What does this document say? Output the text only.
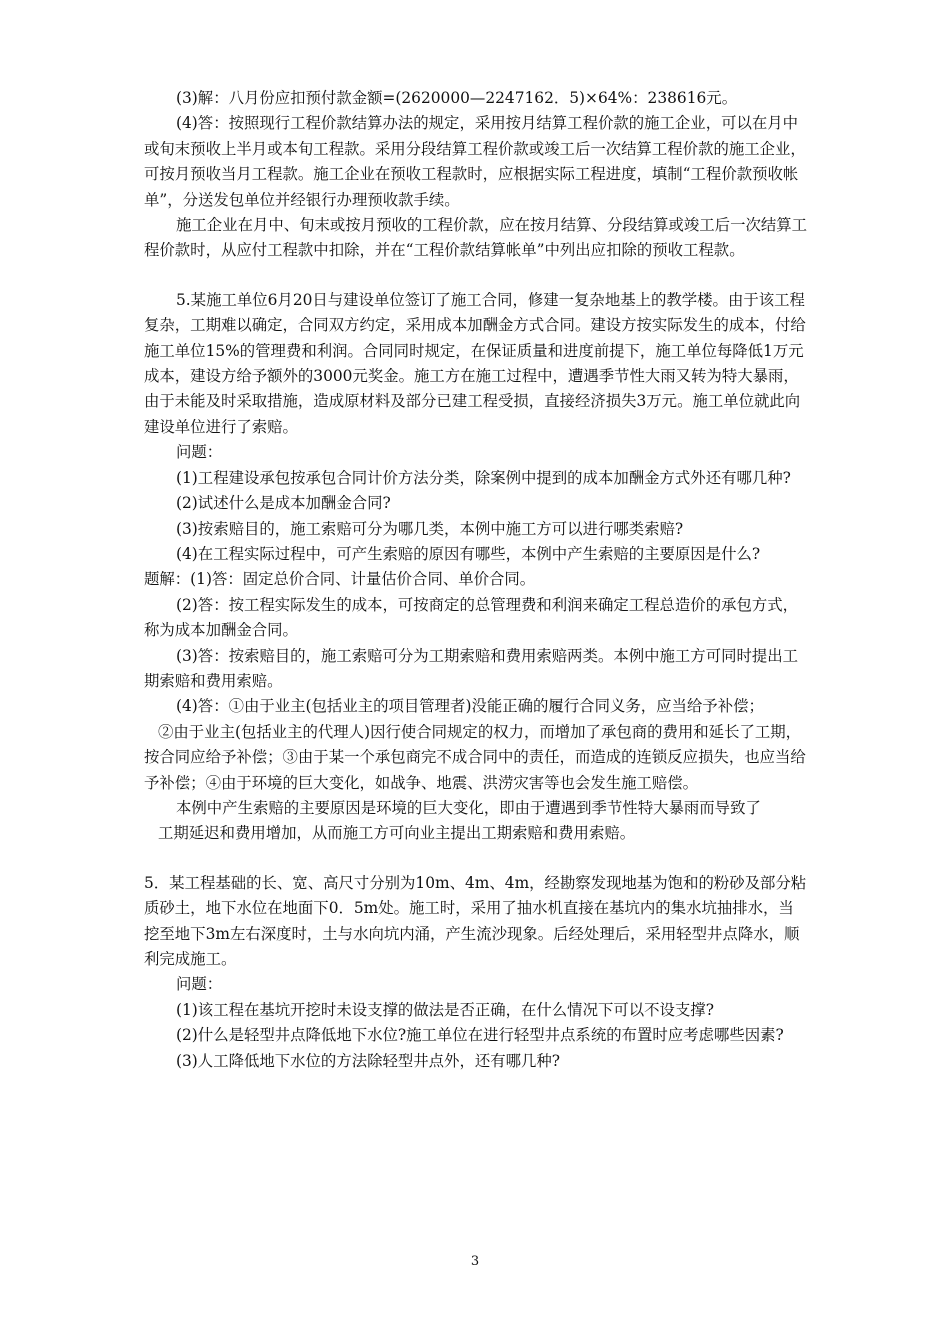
(3)解：八月份应扣预付款金额=(2620000—2247162．5)×64%：238616元。

(4)答：按照现行工程价款结算办法的规定，采用按月结算工程价款的施工企业，可以在月中或旬末预收上半月或本旬工程款。采用分段结算工程价款或竣工后一次结算工程价款的施工企业，可按月预收当月工程款。施工企业在预收工程款时，应根据实际工程进度，填制“工程价款预收帐单”，分送发包单位并经银行办理预收款手续。

施工企业在月中、旬末或按月预收的工程价款，应在按月结算、分段结算或竣工后一次结算工程价款时，从应付工程款中扣除，并在“工程价款结算帐单”中列出应扣除的预收工程款。

5.某施工单位6月20日与建设单位签订了施工合同，修建一复杂地基上的教学楼。由于该工程复杂，工期难以确定，合同双方约定，采用成本加酬金方式合同。建设方按实际发生的成本，付给施工单位15%的管理费和利润。合同同时规定，在保证质量和进度前提下，施工单位每降低1万元成本，建设方给予额外的3000元奖金。施工方在施工过程中，遭遇季节性大雨又转为特大暴雨，由于未能及时采取措施，造成原材料及部分已建工程受损，直接经济损失3万元。施工单位就此向建设单位进行了索赔。

问题：

(1)工程建设承包按承包合同计价方法分类，除案例中提到的成本加酬金方式外还有哪几种?

(2)试述什么是成本加酬金合同?

(3)按索赔目的，施工索赔可分为哪几类，本例中施工方可以进行哪类索赔?

(4)在工程实际过程中，可产生索赔的原因有哪些，本例中产生索赔的主要原因是什么?

题解：(1)答：固定总价合同、计量估价合同、单价合同。

(2)答：按工程实际发生的成本，可按商定的总管理费和利润来确定工程总造价的承包方式，称为成本加酬金合同。

(3)答：按索赔目的，施工索赔可分为工期索赔和费用索赔两类。本例中施工方可同时提出工期索赔和费用索赔。

(4)答：①由于业主(包括业主的项目管理者)没能正确的履行合同义务，应当给予补偿；

②由于业主(包括业主的代理人)因行使合同规定的权力，而增加了承包商的费用和延长了工期，按合同应给予补偿；③由于某一个承包商完不成合同中的责任，而造成的连锁反应损失，也应当给予补偿；④由于环境的巨大变化，如战争、地震、洪涝灾害等也会发生施工赔偿。

本例中产生索赔的主要原因是环境的巨大变化，即由于遭遇到季节性特大暴雨而导致了

工期延迟和费用增加，从而施工方可向业主提出工期索赔和费用索赔。

5．某工程基础的长、宽、高尺寸分别为10m、4m、4m，经勘察发现地基为饱和的粉砂及部分粘质砂土，地下水位在地面下0．5m处。施工时，采用了抽水机直接在基坑内的集水坑抽排水，当挖至地下3m左右深度时，土与水向坑内涌，产生流沙现象。后经处理后，采用轻型井点降水，顺利完成施工。

问题：

(1)该工程在基坑开挖时未设支撑的做法是否正确，在什么情况下可以不设支撑?

(2)什么是轻型井点降低地下水位?施工单位在进行轻型井点系统的布置时应考虑哪些因素?

(3)人工降低地下水位的方法除轻型井点外，还有哪几种?

3
